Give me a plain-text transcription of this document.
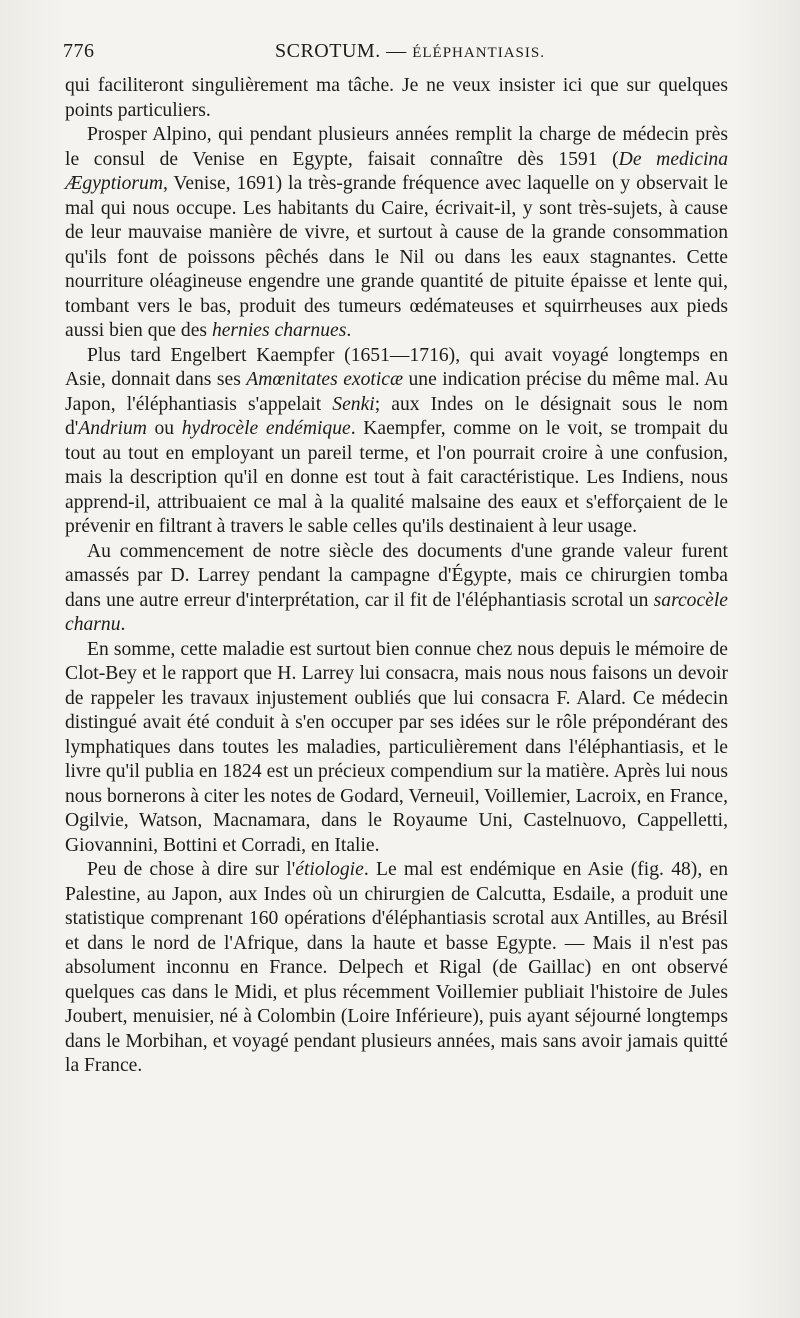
776	SCROTUM. — ÉLÉPHANTIASIS.

qui faciliteront singulièrement ma tâche. Je ne veux insister ici que sur quelques points particuliers.

Prosper Alpino, qui pendant plusieurs années remplit la charge de médecin près le consul de Venise en Egypte, faisait connaître dès 1591 (De medicina Ægyptiorum, Venise, 1691) la très-grande fréquence avec laquelle on y observait le mal qui nous occupe. Les habitants du Caire, écrivait-il, y sont très-sujets, à cause de leur mauvaise manière de vivre, et surtout à cause de la grande consommation qu'ils font de poissons pêchés dans le Nil ou dans les eaux stagnantes. Cette nourriture oléagineuse engendre une grande quantité de pituite épaisse et lente qui, tombant vers le bas, produit des tumeurs œdémateuses et squirrheuses aux pieds aussi bien que des hernies charnues.

Plus tard Engelbert Kaempfer (1651—1716), qui avait voyagé longtemps en Asie, donnait dans ses Amœnitates exoticæ une indication précise du même mal. Au Japon, l'éléphantiasis s'appelait Senki; aux Indes on le désignait sous le nom d'Andrium ou hydrocèle endémique. Kaempfer, comme on le voit, se trompait du tout au tout en employant un pareil terme, et l'on pourrait croire à une confusion, mais la description qu'il en donne est tout à fait caractéristique. Les Indiens, nous apprend-il, attribuaient ce mal à la qualité malsaine des eaux et s'efforçaient de le prévenir en filtrant à travers le sable celles qu'ils destinaient à leur usage.

Au commencement de notre siècle des documents d'une grande valeur furent amassés par D. Larrey pendant la campagne d'Égypte, mais ce chirurgien tomba dans une autre erreur d'interprétation, car il fit de l'éléphantiasis scrotal un sarcocèle charnu.

En somme, cette maladie est surtout bien connue chez nous depuis le mémoire de Clot-Bey et le rapport que H. Larrey lui consacra, mais nous nous faisons un devoir de rappeler les travaux injustement oubliés que lui consacra F. Alard. Ce médecin distingué avait été conduit à s'en occuper par ses idées sur le rôle prépondérant des lymphatiques dans toutes les maladies, particulièrement dans l'éléphantiasis, et le livre qu'il publia en 1824 est un précieux compendium sur la matière. Après lui nous nous bornerons à citer les notes de Godard, Verneuil, Voillemier, Lacroix, en France, Ogilvie, Watson, Macnamara, dans le Royaume Uni, Castelnuovo, Cappelletti, Giovannini, Bottini et Corradi, en Italie.

Peu de chose à dire sur l'étiologie. Le mal est endémique en Asie (fig. 48), en Palestine, au Japon, aux Indes où un chirurgien de Calcutta, Esdaile, a produit une statistique comprenant 160 opérations d'éléphantiasis scrotal aux Antilles, au Brésil et dans le nord de l'Afrique, dans la haute et basse Egypte. — Mais il n'est pas absolument inconnu en France. Delpech et Rigal (de Gaillac) en ont observé quelques cas dans le Midi, et plus récemment Voillemier publiait l'histoire de Jules Joubert, menuisier, né à Colombin (Loire Inférieure), puis ayant séjourné longtemps dans le Morbihan, et voyagé pendant plusieurs années, mais sans avoir jamais quitté la France.
